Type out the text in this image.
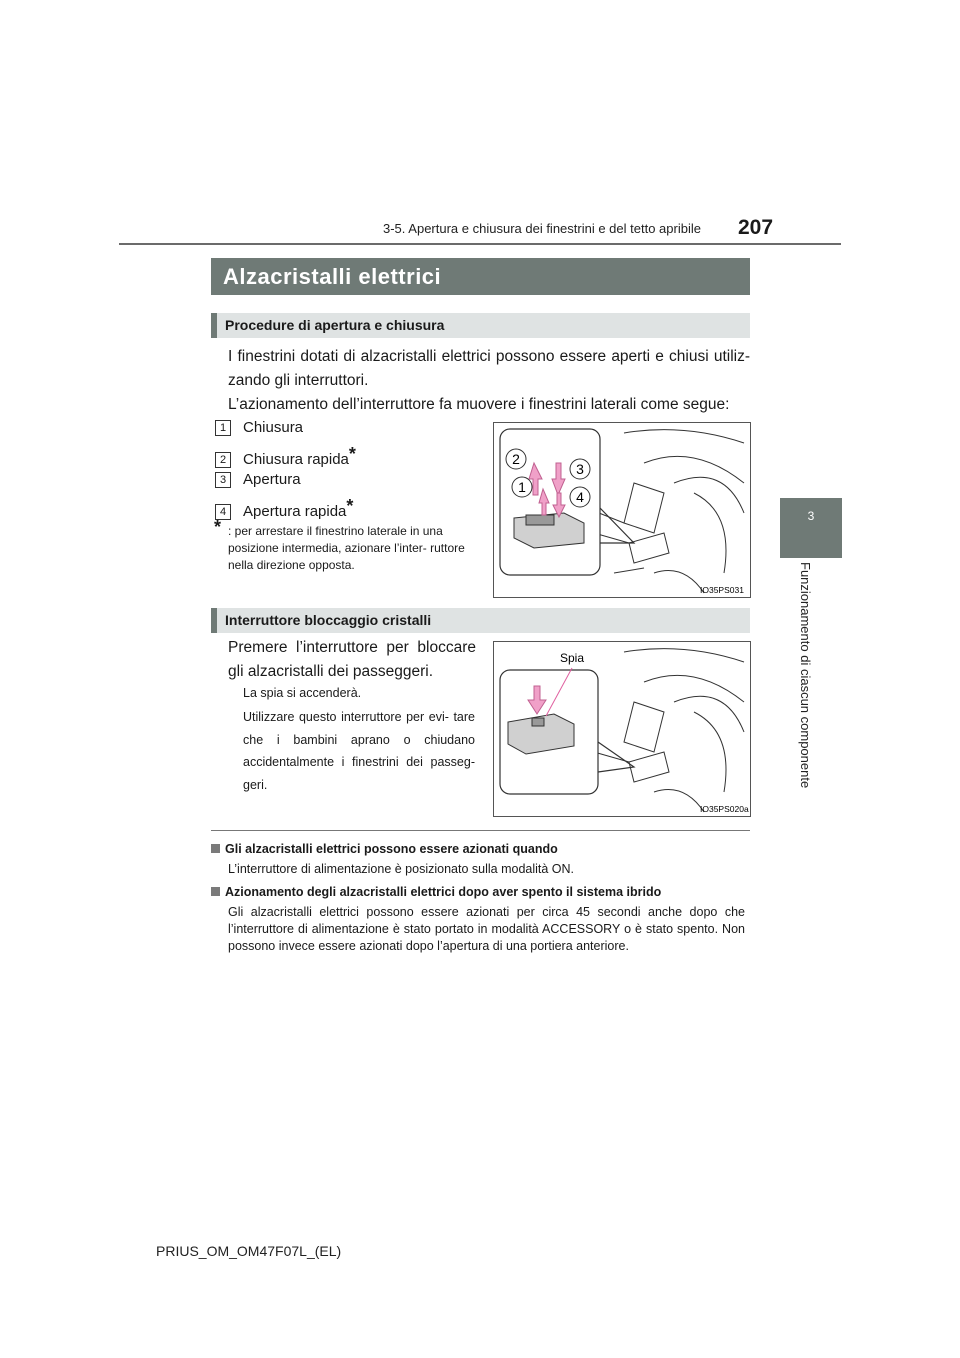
3-5. Apertura e chiusura dei finestrini e del tetto apribile 207
3
Funzionamento di ciascun componente
Alzacristalli elettrici
Procedure di apertura e chiusura
I finestrini dotati di alzacristalli elettrici possono essere aperti e chiusi utiliz- zando gli interruttori.
L’azionamento dell’interruttore fa muovere i finestrini laterali come segue:
1 Chiusura
2 Chiusura rapida*
3 Apertura
4 Apertura rapida*
* : per arrestare il finestrino laterale in una posizione intermedia, azionare l’inter- ruttore nella direzione opposta.
2
3
1
4
IO35PS031
Interruttore bloccaggio cristalli
Premere l’interruttore per bloccare gli alzacristalli dei passeggeri.
La spia si accenderà.
Utilizzare questo interruttore per evi- tare che i bambini aprano o chiudano accidentalmente i finestrini dei passeg- geri.
Spia
IO35PS020a
Gli alzacristalli elettrici possono essere azionati quando
L’interruttore di alimentazione è posizionato sulla modalità ON.
Azionamento degli alzacristalli elettrici dopo aver spento il sistema ibrido
Gli alzacristalli elettrici possono essere azionati per circa 45 secondi anche dopo che l’interruttore di alimentazione è stato portato in modalità ACCESSORY o è stato spento. Non possono invece essere azionati dopo l’apertura di una portiera anteriore.
PRIUS_OM_OM47F07L_(EL)
